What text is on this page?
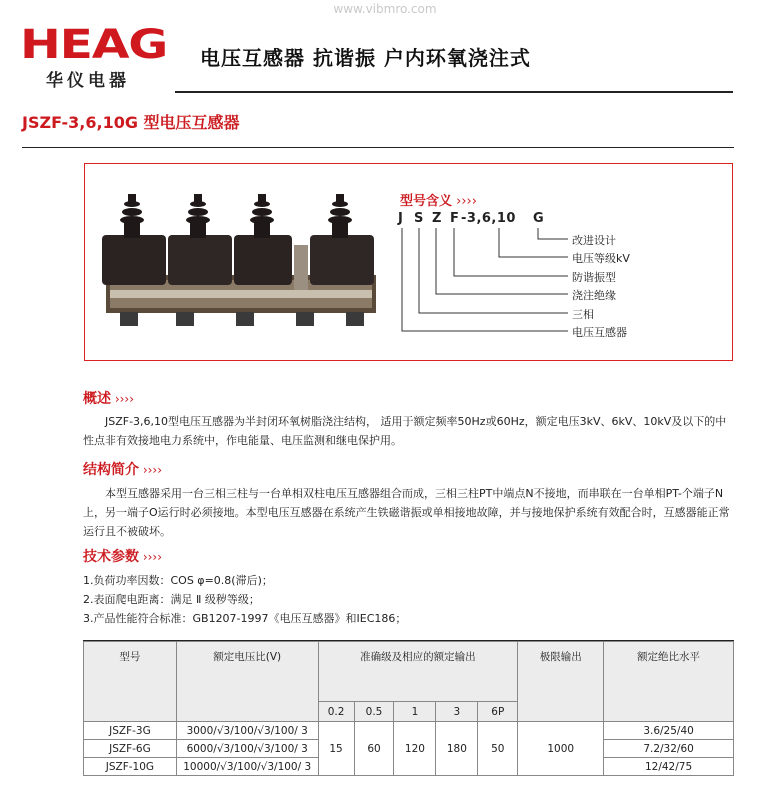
www.vibmro.com
HEAG
华仪电器
电压互感器 抗谐振 户内环氧浇注式
JSZF-3,6,10G 型电压互感器
型号含义 ››››
J S Z F -3,6,10 G
改进设计
电压等级kV
防谐振型
浇注绝缘
三相
电压互感器
概述 ››››

JSZF-3,6,10型电压互感器为半封闭环氧树脂浇注结构， 适用于额定频率50Hz或60Hz，额定电压3kV、6kV、10kV及以下的中性点非有效接地电力系统中，作电能量、电压监测和继电保护用。

结构简介 ››››

本型互感器采用一台三相三柱与一台单相双柱电压互感器组合而成，三相三柱PT中端点N不接地，而串联在一台单相PT-个端子N上，另一端子O运行时必须接地。本型电压互感器在系统产生铁磁谐振或单相接地故障，并与接地保护系统有效配合时，互感器能正常运行且不被破坏。

技术参数 ››››
1.负荷功率因数：COS φ=0.8(滞后)；
2.表面爬电距离：满足 Ⅱ 级秽等级；
3.产品性能符合标准：GB1207-1997《电压互感器》和IEC186；
型号	额定电压比(V)	准确级及相应的额定输出					极限输出	额定绝比水平
		0.2	0.5	1	3	6P		
JSZF-3G	3000/√3/100/√3/100/ 3	15	60	120	180	50	1000	3.6/25/40
JSZF-6G	6000/√3/100/√3/100/ 3							7.2/32/60
JSZF-10G	10000/√3/100/√3/100/ 3							12/42/75
